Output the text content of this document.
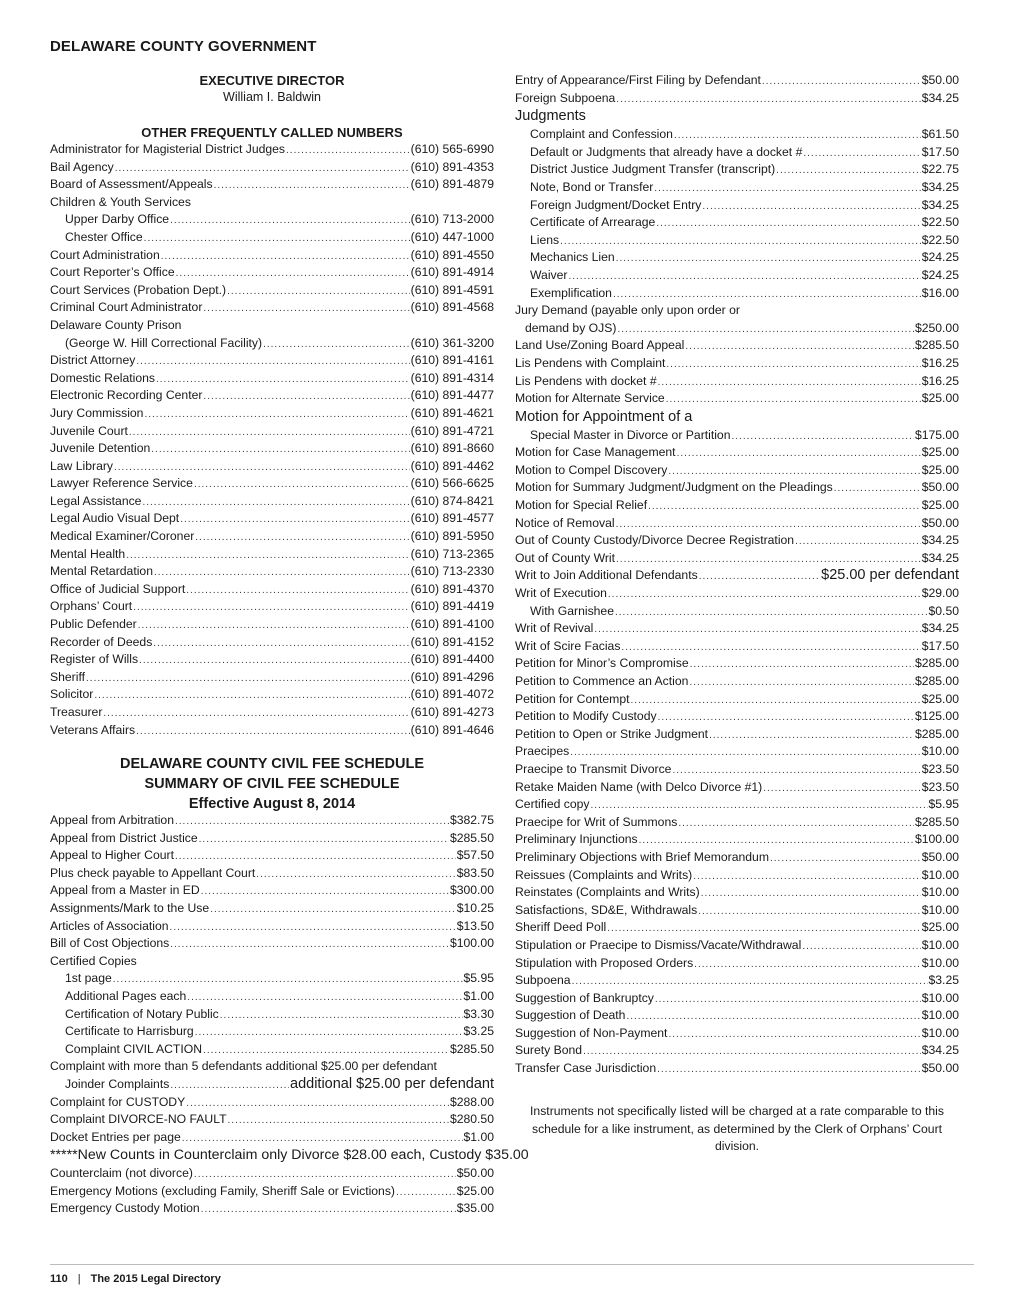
DELAWARE COUNTY GOVERNMENT
EXECUTIVE DIRECTOR
William I. Baldwin
OTHER FREQUENTLY CALLED NUMBERS
Administrator for Magisterial District Judges .....	(610) 565-6990
Bail Agency .....	(610) 891-4353
Board of Assessment/Appeals .....	(610) 891-4879
Children & Youth Services
Upper Darby Office .....	(610) 713-2000
Chester Office .....	(610) 447-1000
Court Administration .....	(610) 891-4550
Court Reporter’s Office .....	(610) 891-4914
Court Services (Probation Dept.) .....	(610) 891-4591
Criminal Court Administrator .....	(610) 891-4568
Delaware County Prison
(George W. Hill Correctional Facility) .....	(610) 361-3200
District Attorney .....	(610) 891-4161
Domestic Relations .....	(610) 891-4314
Electronic Recording Center .....	(610) 891-4477
Jury Commission .....	(610) 891-4621
Juvenile Court .....	(610) 891-4721
Juvenile Detention .....	(610) 891-8660
Law Library .....	(610) 891-4462
Lawyer Reference Service .....	(610) 566-6625
Legal Assistance .....	(610) 874-8421
Legal Audio Visual Dept .....	(610) 891-4577
Medical Examiner/Coroner .....	(610) 891-5950
Mental Health .....	(610) 713-2365
Mental Retardation .....	(610) 713-2330
Office of Judicial Support .....	(610) 891-4370
Orphans’ Court .....	(610) 891-4419
Public Defender .....	(610) 891-4100
Recorder of Deeds .....	(610) 891-4152
Register of Wills .....	(610) 891-4400
Sheriff .....	(610) 891-4296
Solicitor .....	(610) 891-4072
Treasurer .....	(610) 891-4273
Veterans Affairs .....	(610) 891-4646
DELAWARE COUNTY CIVIL FEE SCHEDULE
SUMMARY OF CIVIL FEE SCHEDULE
Effective August 8, 2014
Appeal from Arbitration .....	$382.75
Appeal from District Justice .....	$285.50
Appeal to Higher Court .....	$57.50
Plus check payable to Appellant Court .....	$83.50
Appeal from a Master in ED .....	$300.00
Assignments/Mark to the Use .....	$10.25
Articles of Association .....	$13.50
Bill of Cost Objections .....	$100.00
Certified Copies
1st page .....	$5.95
Additional Pages each .....	$1.00
Certification of Notary Public .....	$3.30
Certificate to Harrisburg .....	$3.25
Complaint CIVIL ACTION .....	$285.50
Complaint with more than 5 defendants additional $25.00 per defendant
Joinder Complaints .....	additional $25.00 per defendant
Complaint for CUSTODY .....	$288.00
Complaint DIVORCE-NO FAULT .....	$280.50
Docket Entries per page .....	$1.00
*****New Counts in Counterclaim only Divorce $28.00 each, Custody $35.00
Counterclaim (not divorce) .....	$50.00
Emergency Motions (excluding Family, Sheriff Sale or Evictions) .....	$25.00
Emergency Custody Motion .....	$35.00
Entry of Appearance/First Filing by Defendant .....	$50.00
Foreign Subpoena .....	$34.25
Judgments
Complaint and Confession .....	$61.50
Default or Judgments that already have a docket # .....	$17.50
District Justice Judgment Transfer (transcript) .....	$22.75
Note, Bond or Transfer .....	$34.25
Foreign Judgment/Docket Entry .....	$34.25
Certificate of Arrearage .....	$22.50
Liens .....	$22.50
Mechanics Lien .....	$24.25
Waiver .....	$24.25
Exemplification .....	$16.00
Jury Demand (payable only upon order or
demand by OJS) .....	$250.00
Land Use/Zoning Board Appeal .....	$285.50
Lis Pendens with Complaint .....	$16.25
Lis Pendens with docket # .....	$16.25
Motion for Alternate Service .....	$25.00
Motion for Appointment of a
Special Master in Divorce or Partition .....	$175.00
Motion for Case Management .....	$25.00
Motion to Compel Discovery .....	$25.00
Motion for Summary Judgment/Judgment on the Pleadings .....	$50.00
Motion for Special Relief .....	$25.00
Notice of Removal .....	$50.00
Out of County Custody/Divorce Decree Registration .....	$34.25
Out of County Writ .....	$34.25
Writ to Join Additional Defendants .....	$25.00 per defendant
Writ of Execution .....	$29.00
With Garnishee .....	$0.50
Writ of Revival .....	$34.25
Writ of Scire Facias .....	$17.50
Petition for Minor’s Compromise .....	$285.00
Petition to Commence an Action .....	$285.00
Petition for Contempt .....	$25.00
Petition to Modify Custody .....	$125.00
Petition to Open or Strike Judgment .....	$285.00
Praecipes .....	$10.00
Praecipe to Transmit Divorce .....	$23.50
Retake Maiden Name (with Delco Divorce #1) .....	$23.50
Certified copy .....	$5.95
Praecipe for Writ of Summons .....	$285.50
Preliminary Injunctions .....	$100.00
Preliminary Objections with Brief Memorandum .....	$50.00
Reissues (Complaints and Writs) .....	$10.00
Reinstates (Complaints and Writs) .....	$10.00
Satisfactions, SD&E, Withdrawals .....	$10.00
Sheriff Deed Poll .....	$25.00
Stipulation or Praecipe to Dismiss/Vacate/Withdrawal .....	$10.00
Stipulation with Proposed Orders .....	$10.00
Subpoena .....	$3.25
Suggestion of Bankruptcy .....	$10.00
Suggestion of Death .....	$10.00
Suggestion of Non-Payment .....	$10.00
Surety Bond .....	$34.25
Transfer Case Jurisdiction .....	$50.00
Instruments not specifically listed will be charged at a rate comparable to this schedule for a like instrument, as determined by the Clerk of Orphans’ Court division.
110 | The 2015 Legal Directory
